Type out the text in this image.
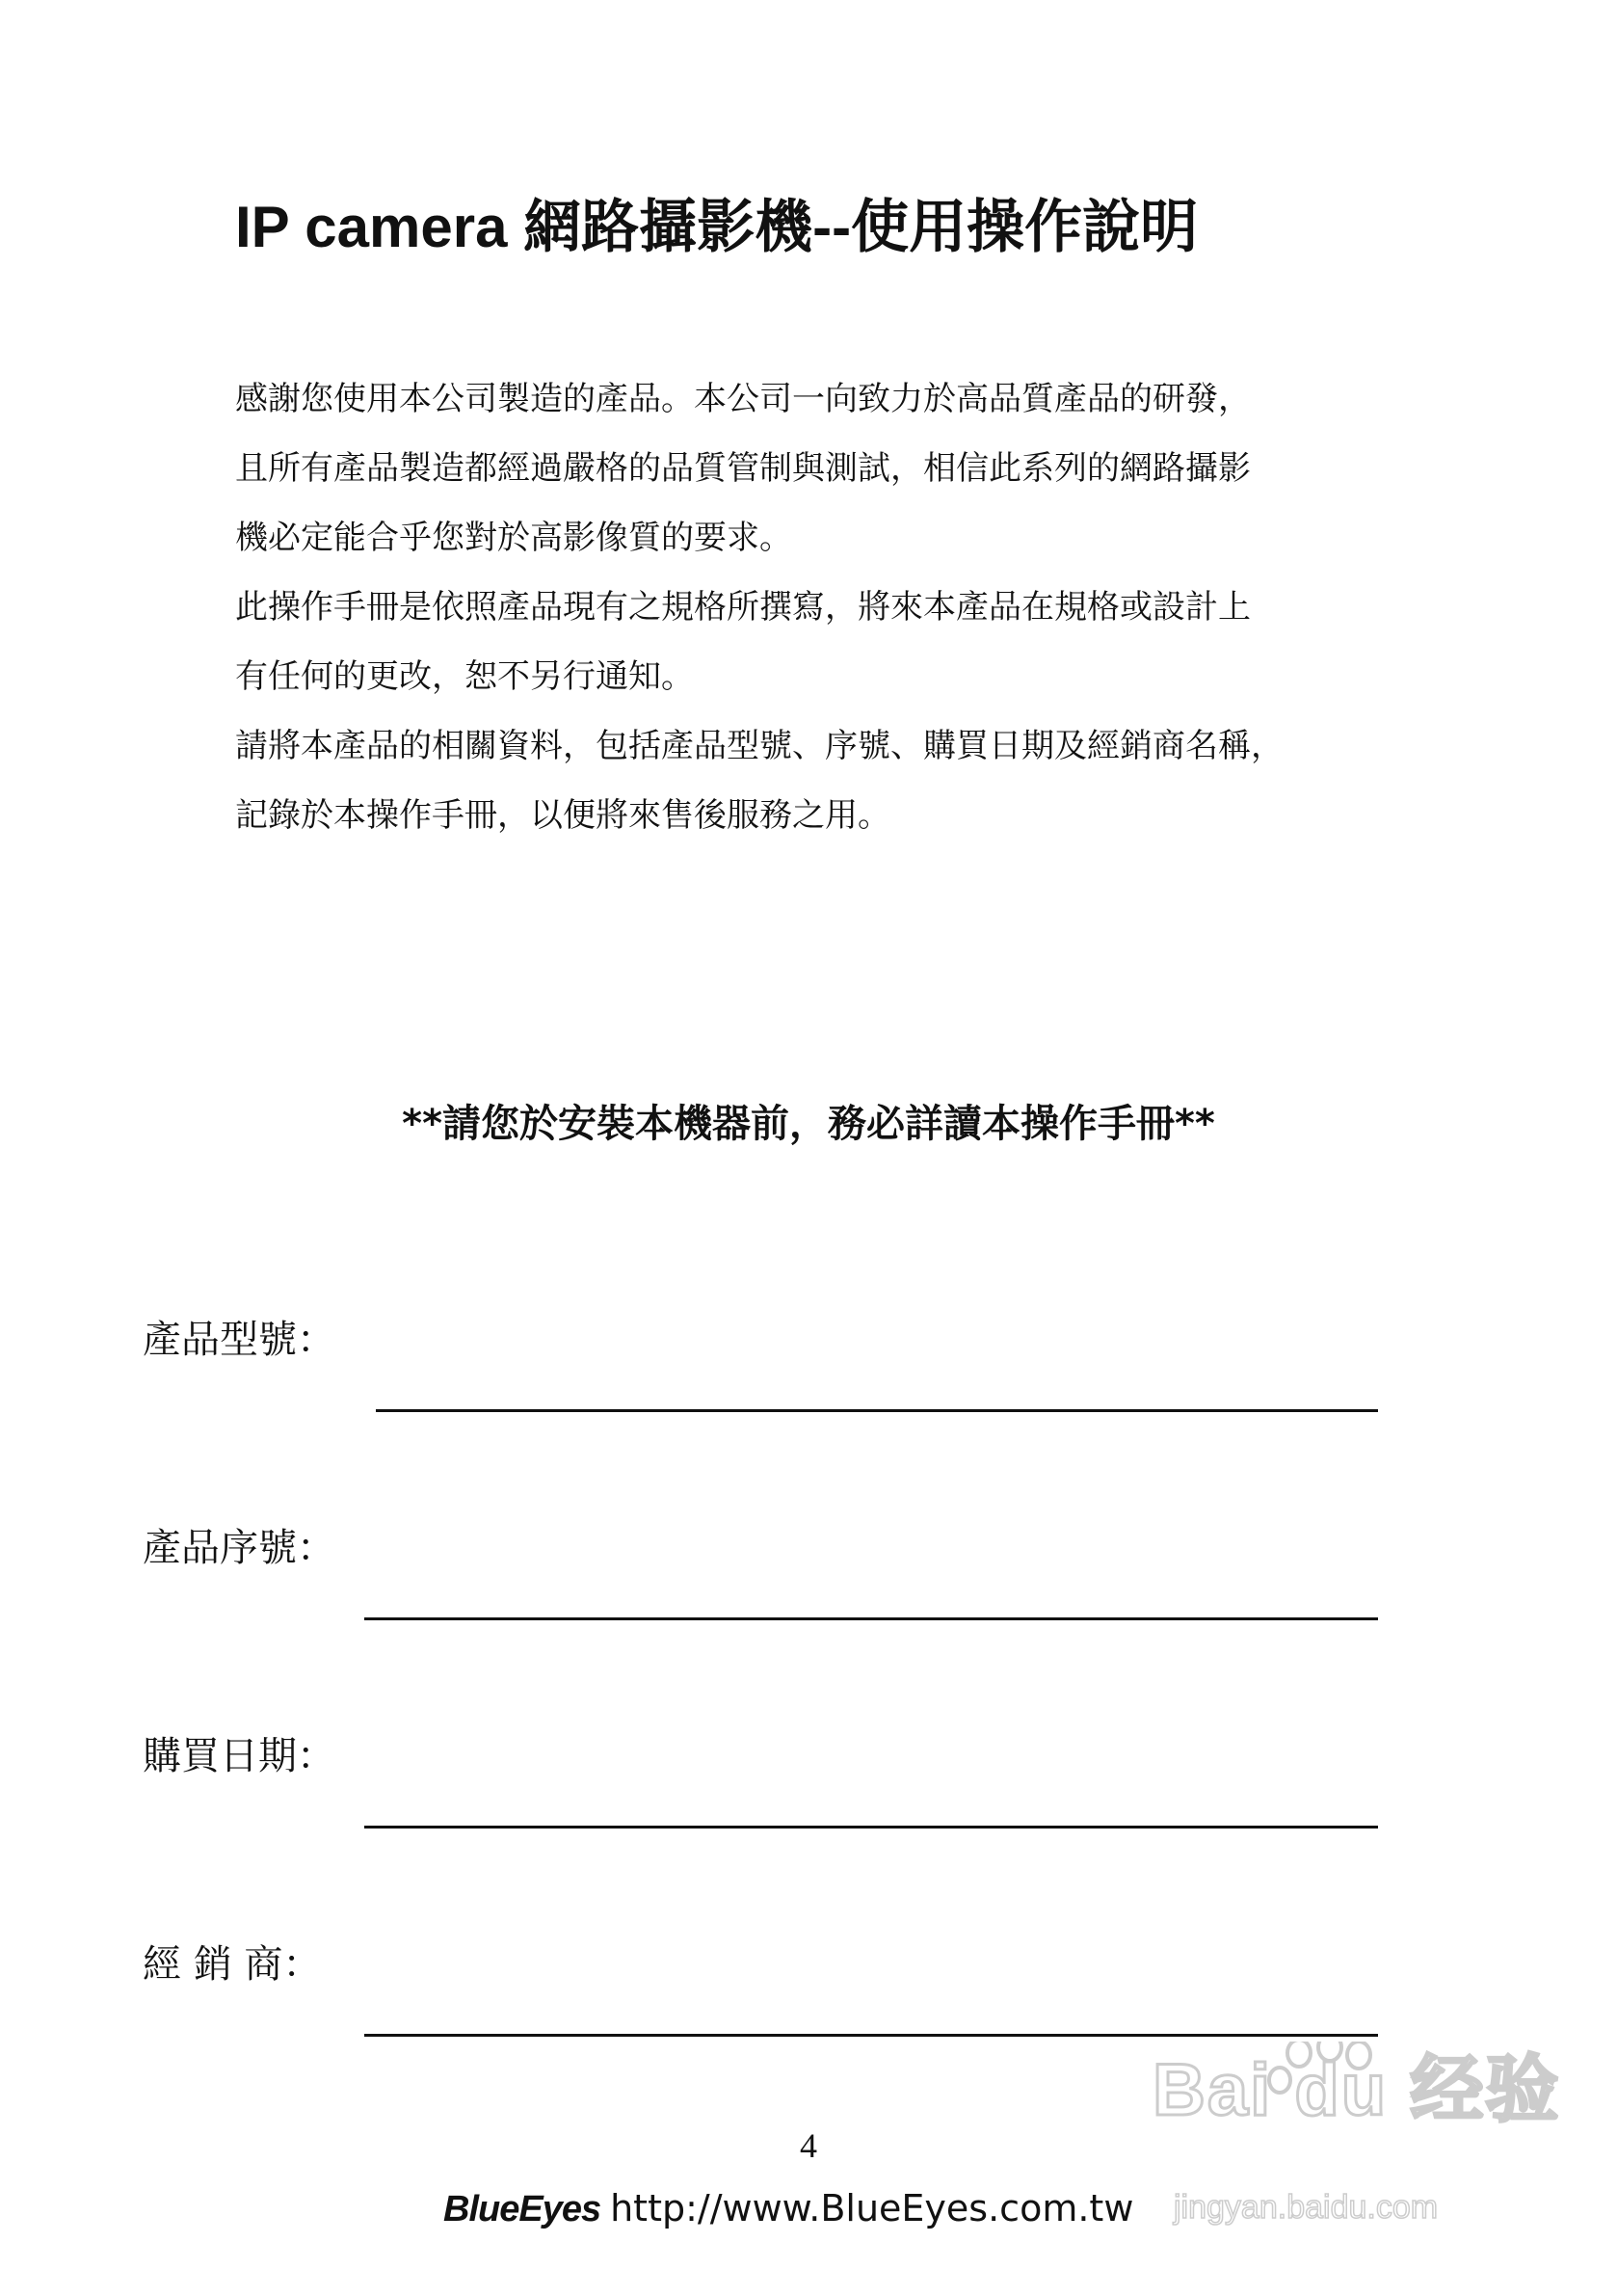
IP camera 網路攝影機--使用操作說明

感謝您使用本公司製造的產品。本公司一向致力於高品質產品的研發，

且所有產品製造都經過嚴格的品質管制與測試，相信此系列的網路攝影

機必定能合乎您對於高影像質的要求。

此操作手冊是依照產品現有之規格所撰寫，將來本產品在規格或設計上

有任何的更改，恕不另行通知。

請將本產品的相關資料，包括產品型號、序號、購買日期及經銷商名稱，

記錄於本操作手冊，以便將來售後服務之用。

**請您於安裝本機器前，務必詳讀本操作手冊**
產品型號：
產品序號：
購買日期：
經 銷 商：
4
BlueEyes http://www.BlueEyes.com.tw
Bai du 经验
jingyan.baidu.com
